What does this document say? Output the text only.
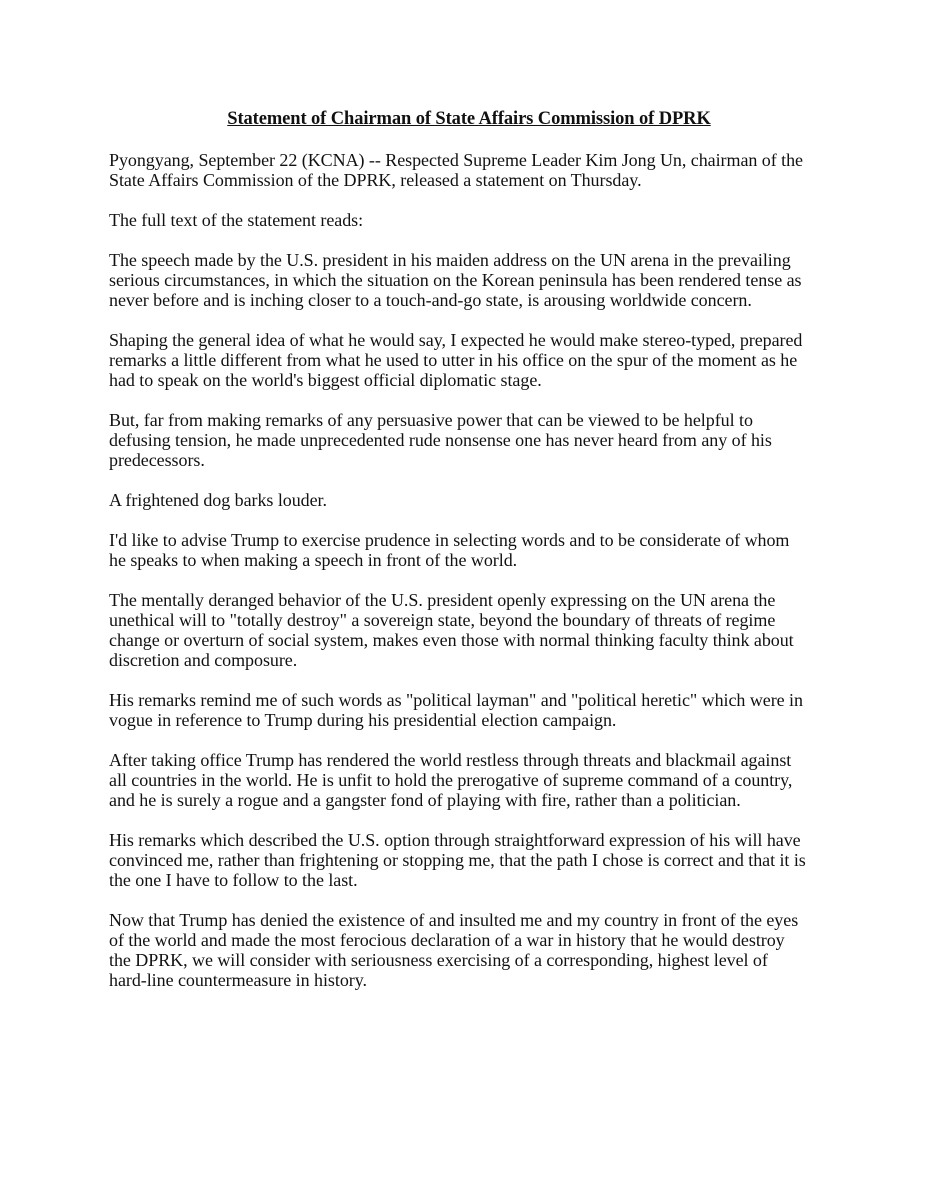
Statement of Chairman of State Affairs Commission of DPRK

Pyongyang, September 22 (KCNA) -- Respected Supreme Leader Kim Jong Un, chairman of the
State Affairs Commission of the DPRK, released a statement on Thursday.

The full text of the statement reads:

The speech made by the U.S. president in his maiden address on the UN arena in the prevailing
serious circumstances, in which the situation on the Korean peninsula has been rendered tense as
never before and is inching closer to a touch-and-go state, is arousing worldwide concern.

Shaping the general idea of what he would say, I expected he would make stereo-typed, prepared
remarks a little different from what he used to utter in his office on the spur of the moment as he
had to speak on the world's biggest official diplomatic stage.

But, far from making remarks of any persuasive power that can be viewed to be helpful to
defusing tension, he made unprecedented rude nonsense one has never heard from any of his
predecessors.

A frightened dog barks louder.

I'd like to advise Trump to exercise prudence in selecting words and to be considerate of whom
he speaks to when making a speech in front of the world.

The mentally deranged behavior of the U.S. president openly expressing on the UN arena the
unethical will to "totally destroy" a sovereign state, beyond the boundary of threats of regime
change or overturn of social system, makes even those with normal thinking faculty think about
discretion and composure.

His remarks remind me of such words as "political layman" and "political heretic" which were in
vogue in reference to Trump during his presidential election campaign.

After taking office Trump has rendered the world restless through threats and blackmail against
all countries in the world. He is unfit to hold the prerogative of supreme command of a country,
and he is surely a rogue and a gangster fond of playing with fire, rather than a politician.

His remarks which described the U.S. option through straightforward expression of his will have
convinced me, rather than frightening or stopping me, that the path I chose is correct and that it is
the one I have to follow to the last.

Now that Trump has denied the existence of and insulted me and my country in front of the eyes
of the world and made the most ferocious declaration of a war in history that he would destroy
the DPRK, we will consider with seriousness exercising of a corresponding, highest level of
hard-line countermeasure in history.
